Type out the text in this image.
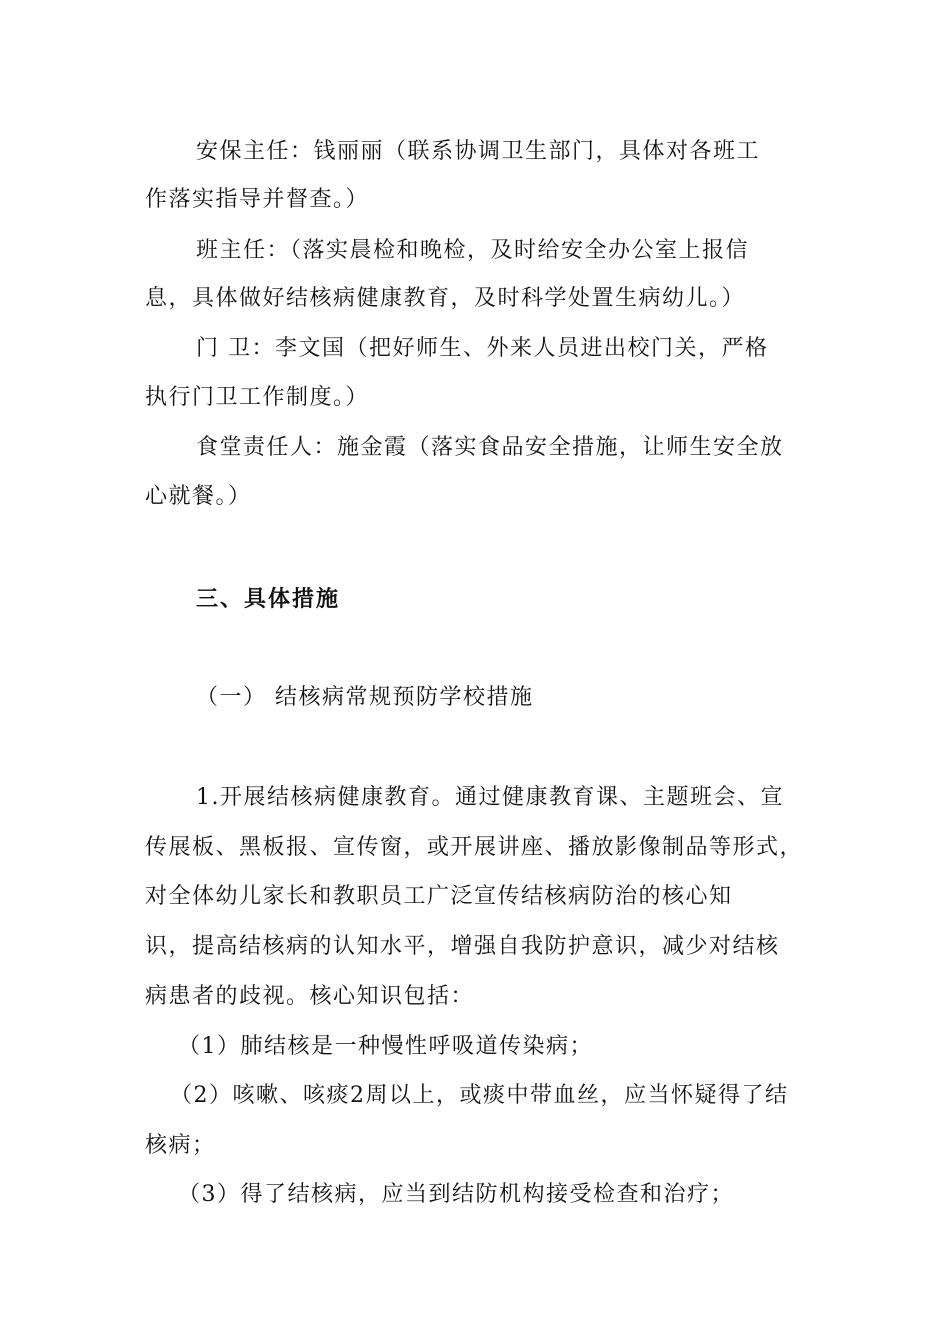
安保主任：钱丽丽（联系协调卫生部门，具体对各班工
作落实指导并督查。）
班主任：（落实晨检和晚检，及时给安全办公室上报信
息，具体做好结核病健康教育，及时科学处置生病幼儿。）
门 卫：李文国（把好师生、外来人员进出校门关，严格
执行门卫工作制度。）
食堂责任人：施金霞（落实食品安全措施，让师生安全放
心就餐。）
三、具体措施
（一） 结核病常规预防学校措施
1.开展结核病健康教育。通过健康教育课、主题班会、宣
传展板、黑板报、宣传窗，或开展讲座、播放影像制品等形式，
对全体幼儿家长和教职员工广泛宣传结核病防治的核心知
识，提高结核病的认知水平，增强自我防护意识，减少对结核
病患者的歧视。核心知识包括：
（1）肺结核是一种慢性呼吸道传染病；
（2）咳嗽、咳痰2周以上，或痰中带血丝，应当怀疑得了结
核病；
（3）得了结核病，应当到结防机构接受检查和治疗；
